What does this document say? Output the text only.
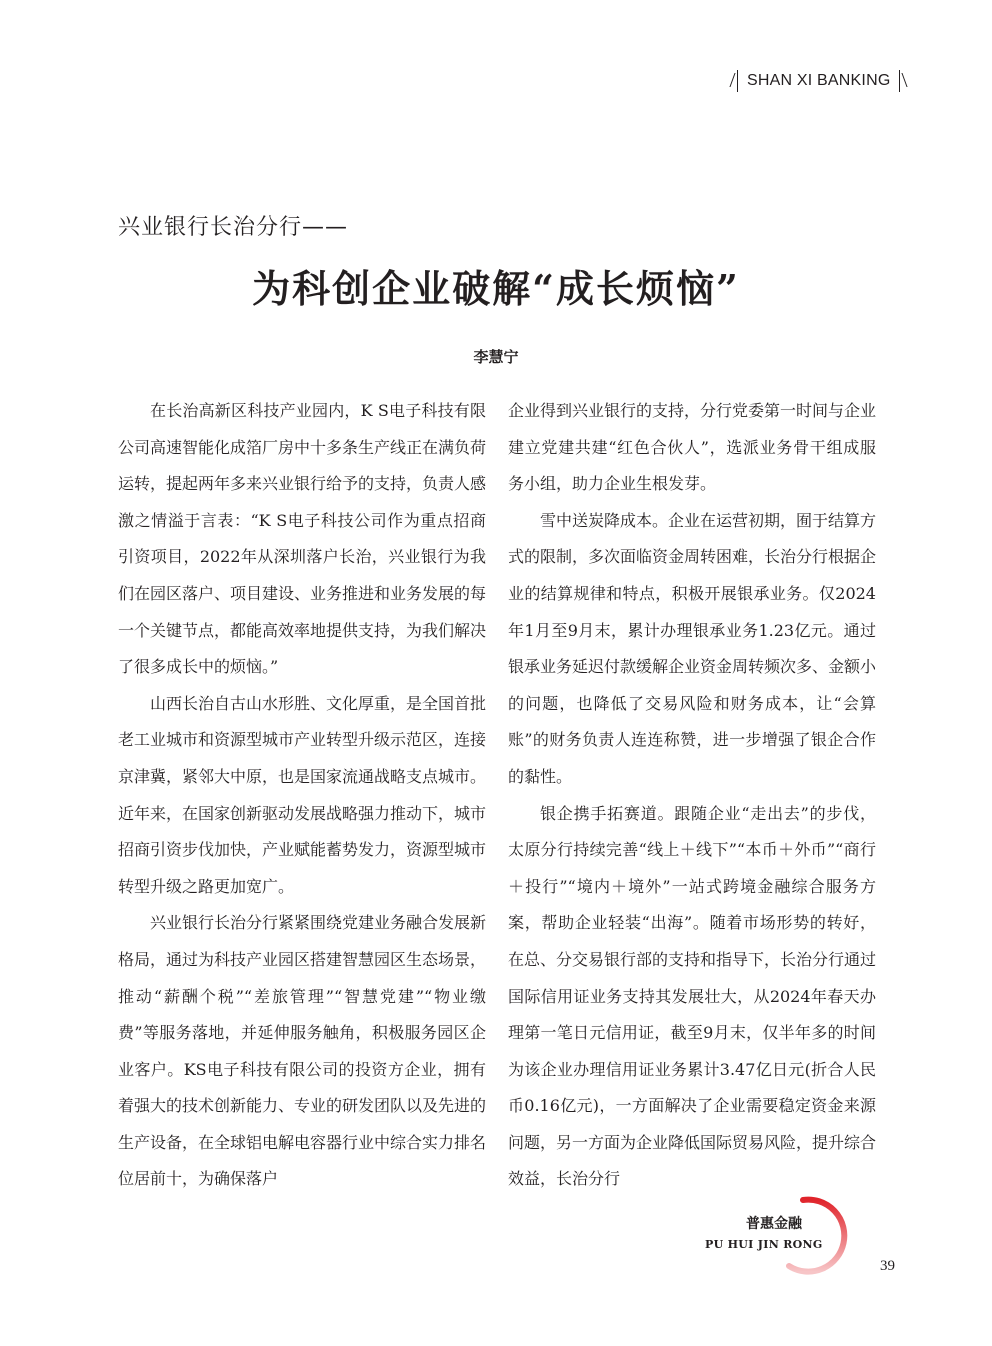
SHAN XI BANKING
兴业银行长治分行——
为科创企业破解“成长烦恼”
李慧宁

在长治高新区科技产业园内，K S电子科技有限公司高速智能化成箔厂房中十多条生产线正在满负荷运转，提起两年多来兴业银行给予的支持，负责人感激之情溢于言表：“K S电子科技公司作为重点招商引资项目，2022年从深圳落户长治，兴业银行为我们在园区落户、项目建设、业务推进和业务发展的每一个关键节点，都能高效率地提供支持，为我们解决了很多成长中的烦恼。”

山西长治自古山水形胜、文化厚重，是全国首批老工业城市和资源型城市产业转型升级示范区，连接京津冀，紧邻大中原，也是国家流通战略支点城市。近年来，在国家创新驱动发展战略强力推动下，城市招商引资步伐加快，产业赋能蓄势发力，资源型城市转型升级之路更加宽广。

兴业银行长治分行紧紧围绕党建业务融合发展新格局，通过为科技产业园区搭建智慧园区生态场景，推动“薪酬个税”“差旅管理”“智慧党建”“物业缴费”等服务落地，并延伸服务触角，积极服务园区企业客户。KS电子科技有限公司的投资方企业，拥有着强大的技术创新能力、专业的研发团队以及先进的生产设备，在全球铝电解电容器行业中综合实力排名位居前十，为确保落户

企业得到兴业银行的支持，分行党委第一时间与企业建立党建共建“红色合伙人”，选派业务骨干组成服务小组，助力企业生根发芽。

雪中送炭降成本。企业在运营初期，囿于结算方式的限制，多次面临资金周转困难，长治分行根据企业的结算规律和特点，积极开展银承业务。仅2024年1月至9月末，累计办理银承业务1.23亿元。通过银承业务延迟付款缓解企业资金周转频次多、金额小的问题，也降低了交易风险和财务成本，让“会算账”的财务负责人连连称赞，进一步增强了银企合作的黏性。

银企携手拓赛道。跟随企业“走出去”的步伐，太原分行持续完善“线上＋线下”“本币＋外币”“商行＋投行”“境内＋境外”一站式跨境金融综合服务方案，帮助企业轻装“出海”。随着市场形势的转好，在总、分交易银行部的支持和指导下，长治分行通过国际信用证业务支持其发展壮大，从2024年春天办理第一笔日元信用证，截至9月末，仅半年多的时间为该企业办理信用证业务累计3.47亿日元(折合人民币0.16亿元)，一方面解决了企业需要稳定资金来源问题，另一方面为企业降低国际贸易风险，提升综合效益，长治分行

普惠金融
PU HUI JIN RONG
39
